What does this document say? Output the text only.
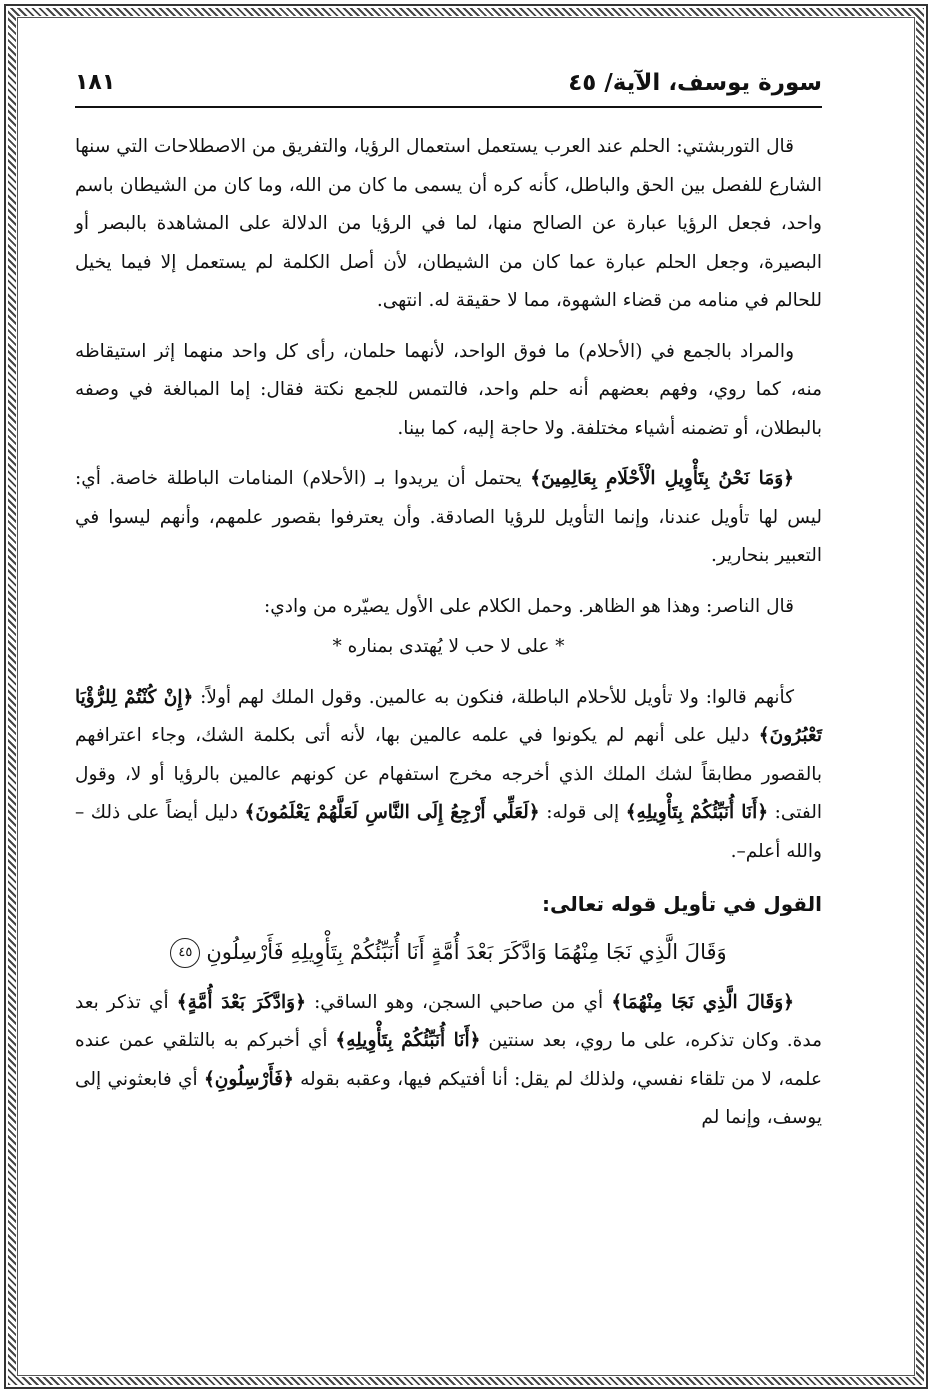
سورة يوسف، الآية/ ٤٥
١٨١

قال التوربشتي: الحلم عند العرب يستعمل استعمال الرؤيا، والتفريق من الاصطلاحات التي سنها الشارع للفصل بين الحق والباطل، كأنه كره أن يسمى ما كان من الله، وما كان من الشيطان باسم واحد، فجعل الرؤيا عبارة عن الصالح منها، لما في الرؤيا من الدلالة على المشاهدة بالبصر أو البصيرة، وجعل الحلم عبارة عما كان من الشيطان، لأن أصل الكلمة لم يستعمل إلا فيما يخيل للحالم في منامه من قضاء الشهوة، مما لا حقيقة له. انتهى.

والمراد بالجمع في (الأحلام) ما فوق الواحد، لأنهما حلمان، رأى كل واحد منهما إثر استيقاظه منه، كما روي، وفهم بعضهم أنه حلم واحد، فالتمس للجمع نكتة فقال: إما المبالغة في وصفه بالبطلان، أو تضمنه أشياء مختلفة. ولا حاجة إليه، كما بينا.

﴿وَمَا نَحْنُ بِتَأْوِيلِ الْأَحْلَامِ بِعَالِمِينَ﴾ يحتمل أن يريدوا بـ (الأحلام) المنامات الباطلة خاصة. أي: ليس لها تأويل عندنا، وإنما التأويل للرؤيا الصادقة. وأن يعترفوا بقصور علمهم، وأنهم ليسوا في التعبير بنحارير.

قال الناصر: وهذا هو الظاهر. وحمل الكلام على الأول يصيّره من وادي:

* على لا حب لا يُهتدى بمناره *

كأنهم قالوا: ولا تأويل للأحلام الباطلة، فنكون به عالمين. وقول الملك لهم أولاً: ﴿إِنْ كُنْتُمْ لِلرُّؤْيَا تَعْبُرُونَ﴾ دليل على أنهم لم يكونوا في علمه عالمين بها، لأنه أتى بكلمة الشك، وجاء اعترافهم بالقصور مطابقاً لشك الملك الذي أخرجه مخرج استفهام عن كونهم عالمين بالرؤيا أو لا، وقول الفتى: ﴿أَنَا أُنَبِّئُكُمْ بِتَأْوِيلِهِ﴾ إلى قوله: ﴿لَعَلِّي أَرْجِعُ إِلَى النَّاسِ لَعَلَّهُمْ يَعْلَمُونَ﴾ دليل أيضاً على ذلك – والله أعلم–.

القول في تأويل قوله تعالى:
وَقَالَ الَّذِي نَجَا مِنْهُمَا وَادَّكَرَ بَعْدَ أُمَّةٍ أَنَا أُنَبِّئُكُمْ بِتَأْوِيلِهِ فَأَرْسِلُونِ٤٥

﴿وَقَالَ الَّذِي نَجَا مِنْهُمَا﴾ أي من صاحبي السجن، وهو الساقي: ﴿وَادَّكَرَ بَعْدَ أُمَّةٍ﴾ أي تذكر بعد مدة. وكان تذكره، على ما روي، بعد سنتين ﴿أَنَا أُنَبِّئُكُمْ بِتَأْوِيلِهِ﴾ أي أخبركم به بالتلقي عمن عنده علمه، لا من تلقاء نفسي، ولذلك لم يقل: أنا أفتيكم فيها، وعقبه بقوله ﴿فَأَرْسِلُونِ﴾ أي فابعثوني إلى يوسف، وإنما لم
